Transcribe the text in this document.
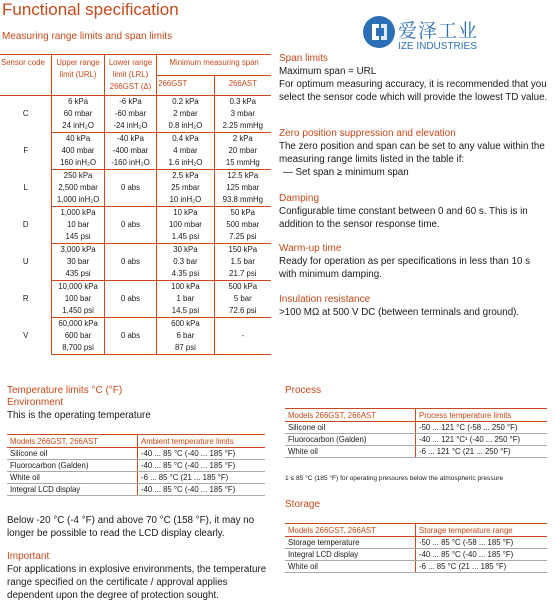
Functional specification
Measuring range limits and span limits	爱泽工业
IZE INDUSTRIES
Sensor code	Upper range limit (URL)	Lower range limit (LRL) 266GST (Δ)	Minimum measuring span	
			266GST	266AST
C	6 kPa	-6 kPa	0.2 kPa	0.3 kPa
	60 mbar	-60 mbar	2 mbar	3 mbar
	24 inH₂O	-24 inH₂O	0.8 inH₂O	2.25 mmHg
F	40 kPa	-40 kPa	0.4 kPa	2 kPa
	400 mbar	-400 mbar	4 mbar	20 mbar
	160 inH₂O	-160 inH₂O	1.6 inH₂O	15 mmHg
L	250 kPa		2.5 kPa	12.5 kPa
	2,500 mbar	0 abs	25 mbar	125 mbar
	1,000 inH₂O		10 inH₂O	93.8 mmHg
D	1,000 kPa		10 kPa	50 kPa
	10 bar	0 abs	100 mbar	500 mbar
	145 psi		1.45 psi	7.25 psi
U	3,000 kPa		30 kPa	150 kPa
	30 bar	0 abs	0.3 bar	1.5 bar
	435 psi		4.35 psi	21.7 psi
R	10,000 kPa		100 kPa	500 kPa
	100 bar	0 abs	1 bar	5 bar
	1,450 psi		14.5 psi	72.6 psi
V	60,000 kPa		600 kPa	
	600 bar	0 abs	6 bar	-
	8,700 psi		87 psi	
Span limits
Maximum span = URL
For optimum measuring accuracy, it is recommended that you select the sensor code which will provide the lowest TD value.
Zero position suppression and elevation
The zero position and span can be set to any value within the measuring range limits listed in the table if:
— Set span ≥ minimum span
Damping
Configurable time constant between 0 and 60 s. This is in addition to the sensor response time.
Warm-up time
Ready for operation as per specifications in less than 10 s with minimum damping.
Insulation resistance
>100 MΩ at 500 V DC (between terminals and ground).
Temperature limits °C (°F)
Environment
This is the operating temperature
Models 266GST, 266AST	Ambient temperature limits
Silicone oil	-40 ... 85 °C (-40 ... 185 °F)
Fluorocarbon (Galden)	-40 ... 85 °C (-40 ... 185 °F)
White oil	-6 ... 85 °C (21 ... 185 °F)
Integral LCD display	-40 ... 85 °C (-40 ... 185 °F)
Below -20 °C (-4 °F) and above 70 °C (158 °F), it may no longer be possible to read the LCD display clearly.
Important
For applications in explosive environments, the temperature range specified on the certificate / approval applies dependent upon the degree of protection sought.
Process
Models 266GST, 266AST	Process temperature limits
Silicone oil	-50 ... 121 °C (-58 ... 250 °F)
Fluorocarbon (Galden)	-40 ... 121 °C¹ (-40 ... 250 °F)
White oil	-6 ... 121 °C (21 ... 250 °F)
1 ≤ 85 °C (185 °F) for operating pressures below the atmospheric pressure
Storage
Models 266GST, 266AST	Storage temperature range
Storage temperature	-50 ... 85 °C (-58 ... 185 °F)
Integral LCD display	-40 ... 85 °C (-40 ... 185 °F)
White oil	-6 ... 85 °C (21 ... 185 °F)
